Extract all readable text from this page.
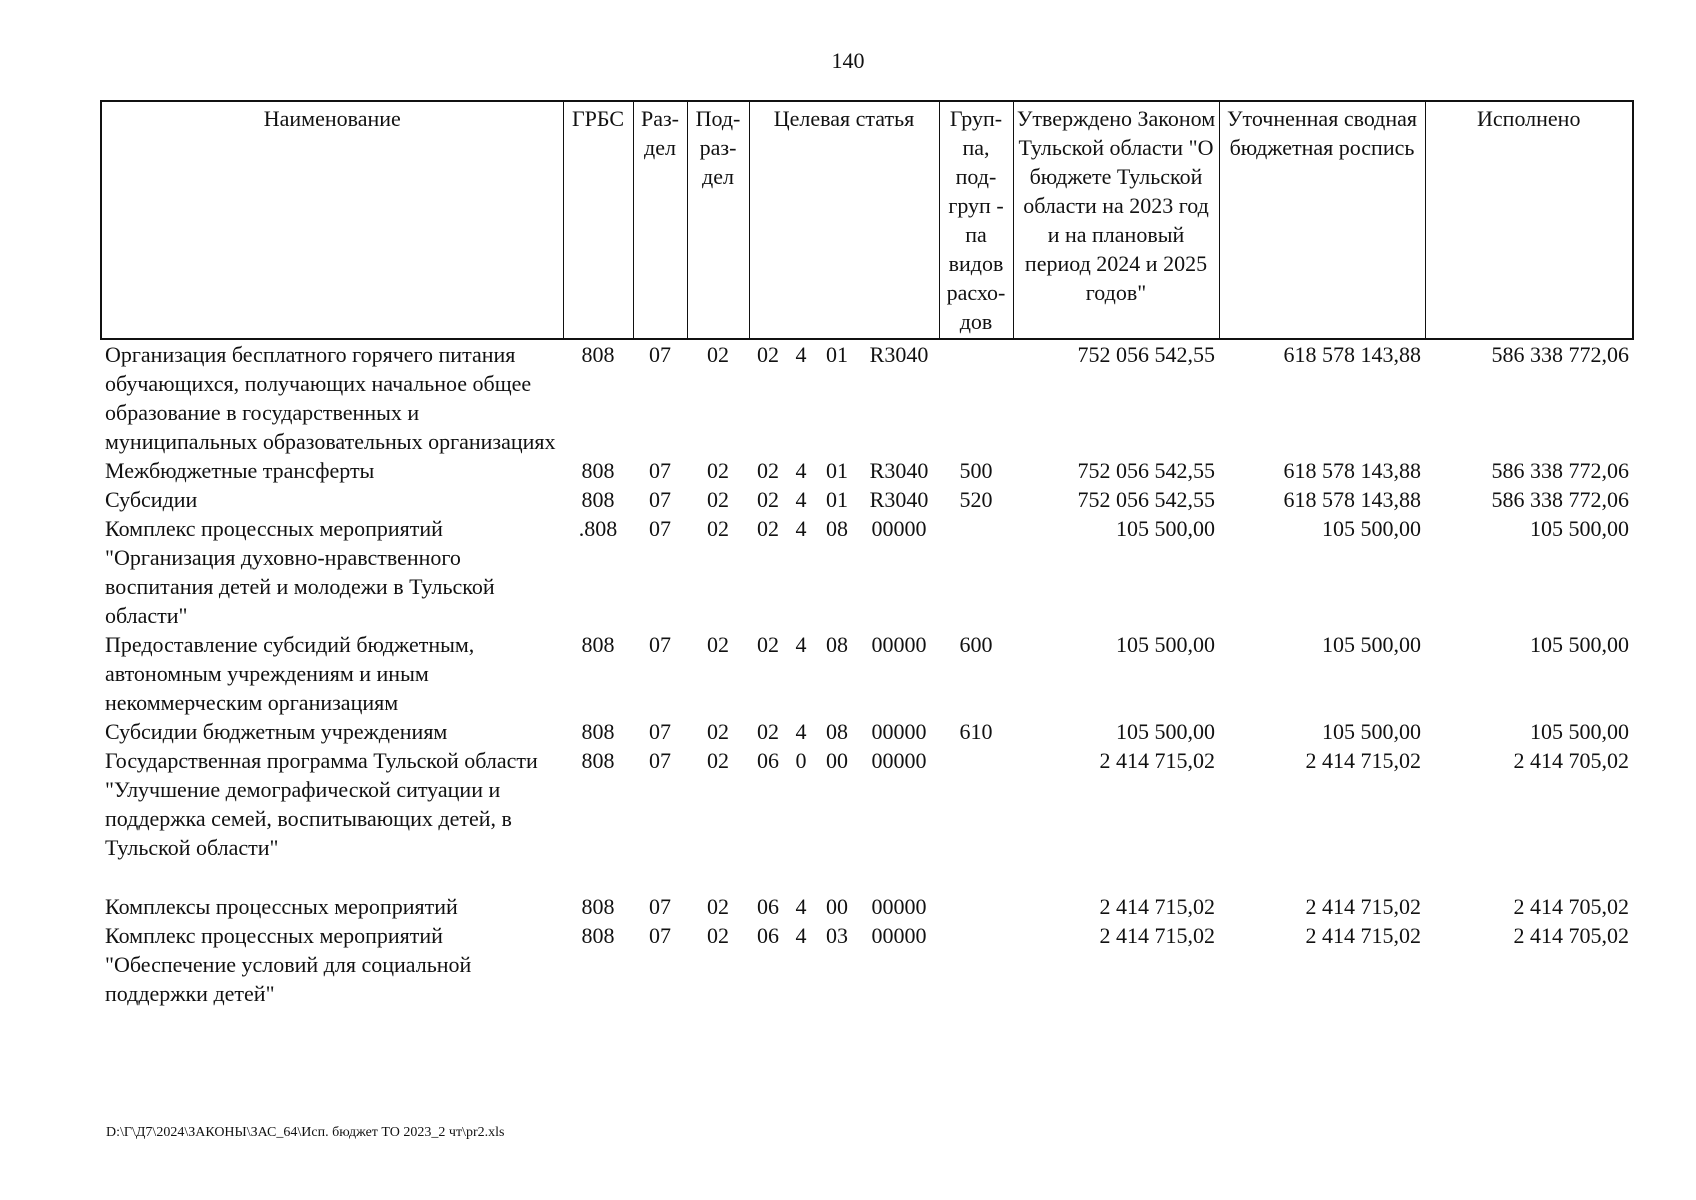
140
Наименование	ГРБС	Раз-дел	Под-раз-дел	Целевая статья				Груп-па, под-груп - па видов расхо-дов	Утверждено Законом Тульской области "О бюджете Тульской области на 2023 год и на плановый период 2024 и 2025 годов"	Уточненная сводная бюджетная роспись	Исполнено
Организация бесплатного горячего питания обучающихся, получающих начальное общее образование в государственных и муниципальных образовательных организациях	808	07	02	02	4	01	R3040		752 056 542,55	618 578 143,88	586 338 772,06
Межбюджетные трансферты	808	07	02	02	4	01	R3040	500	752 056 542,55	618 578 143,88	586 338 772,06
Субсидии	808	07	02	02	4	01	R3040	520	752 056 542,55	618 578 143,88	586 338 772,06
Комплекс процессных мероприятий "Организация духовно-нравственного воспитания детей и молодежи в Тульской области"	.808	07	02	02	4	08	00000		105 500,00	105 500,00	105 500,00
Предоставление субсидий бюджетным, автономным учреждениям и иным некоммерческим организациям	808	07	02	02	4	08	00000	600	105 500,00	105 500,00	105 500,00
Субсидии бюджетным учреждениям	808	07	02	02	4	08	00000	610	105 500,00	105 500,00	105 500,00
Государственная программа Тульской области "Улучшение демографической ситуации и поддержка семей, воспитывающих детей, в Тульской области"	808	07	02	06	0	00	00000		2 414 715,02	2 414 715,02	2 414 705,02

Комплексы процессных мероприятий	808	07	02	06	4	00	00000		2 414 715,02	2 414 715,02	2 414 705,02
Комплекс процессных мероприятий "Обеспечение условий для социальной поддержки детей"	808	07	02	06	4	03	00000		2 414 715,02	2 414 715,02	2 414 705,02
D:\Г\Д7\2024\ЗАКОНЫ\ЗАС_64\Исп. бюджет ТО 2023_2 чт\pr2.xls
